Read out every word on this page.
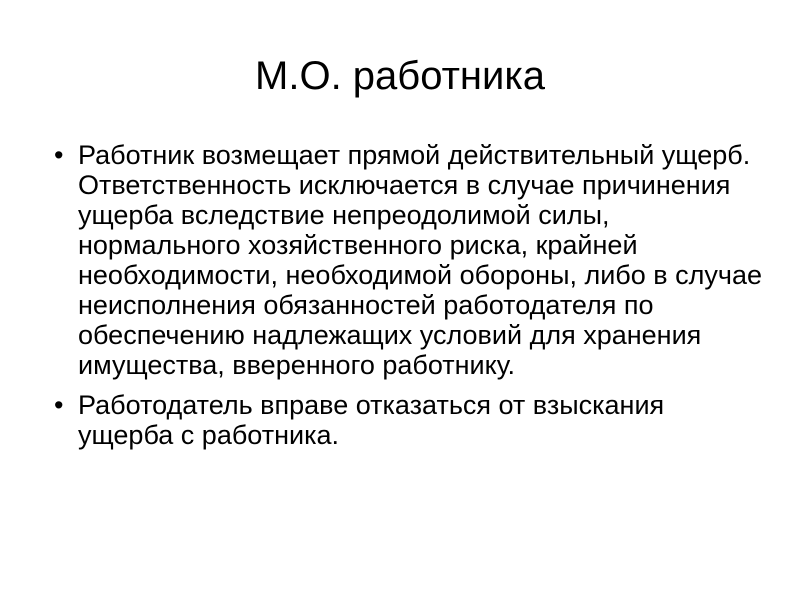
М.О. работника
• Работник возмещает прямой действительный ущерб. Ответственность исключается в случае причинения ущерба вследствие непреодолимой силы, нормального хозяйственного риска, крайней необходимости, необходимой обороны, либо в случае неисполнения обязанностей работодателя по обеспечению надлежащих условий для хранения имущества, вверенного работнику.
• Работодатель вправе отказаться от взыскания ущерба с работника.
